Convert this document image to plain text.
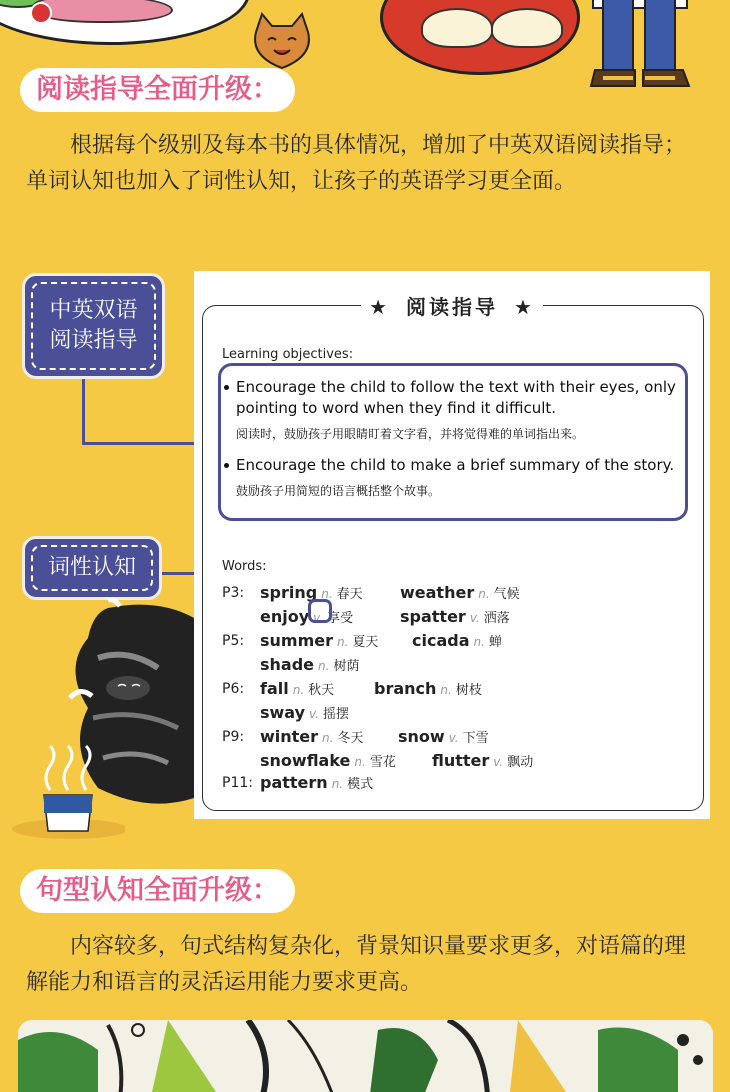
阅读指导全面升级：

根据每个级别及每本书的具体情况，增加了中英双语阅读指导；单词认知也加入了词性认知，让孩子的英语学习更全面。

中英双语
阅读指导
词性认知
★ 阅读指导 ★
Learning objectives:
Encourage the child to follow the text with their eyes, only pointing to word when they find it difficult.
阅读时，鼓励孩子用眼睛盯着文字看，并将觉得难的单词指出来。
Encourage the child to make a brief summary of the story.
鼓励孩子用简短的语言概括整个故事。
Words:
P3: spring n. 春天 weather n. 气候
enjoy v. 享受	spatter v. 洒落
P5: summer n. 夏天 cicada n. 蝉
shade n. 树荫
P6: fall n. 秋天 branch n. 树枝
sway v. 摇摆
P9: winter n. 冬天 snow v. 下雪
snowflake n. 雪花 flutter v. 飘动
P11: pattern n. 模式
句型认知全面升级：

内容较多，句式结构复杂化，背景知识量要求更多，对语篇的理解能力和语言的灵活运用能力要求更高。
